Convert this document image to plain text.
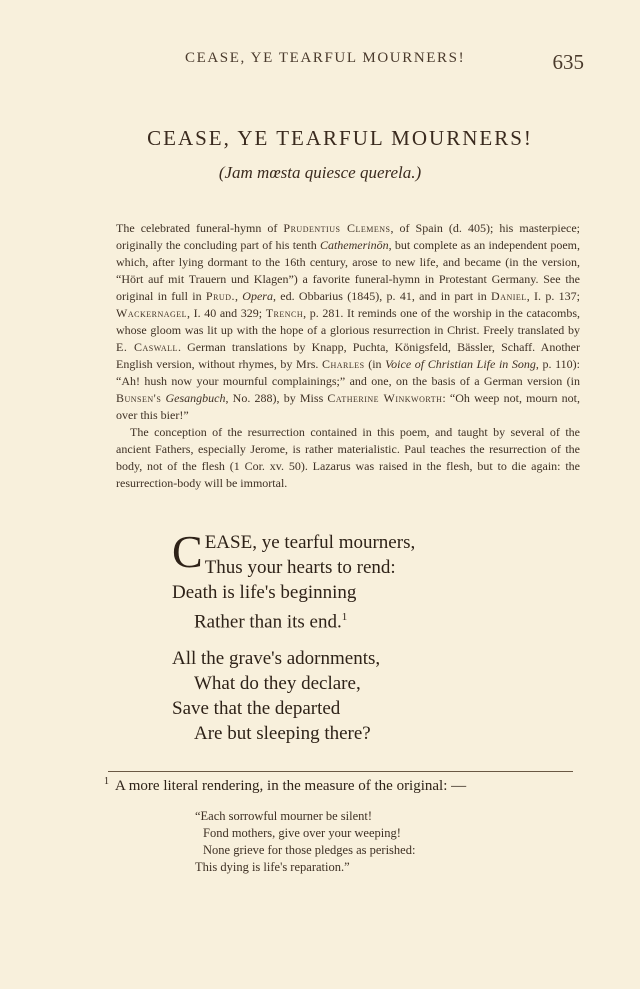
CEASE, YE TEARFUL MOURNERS!	635
CEASE, YE TEARFUL MOURNERS!
(Jam mœsta quiesce querela.)

The celebrated funeral-hymn of Prudentius Clemens, of Spain (d. 405); his masterpiece; originally the concluding part of his tenth Cathemerinōn, but complete as an independent poem, which, after lying dormant to the 16th century, arose to new life, and became (in the version, “Hört auf mit Trauern und Klagen”) a favorite funeral-hymn in Protestant Germany. See the original in full in Prud., Opera, ed. Obbarius (1845), p. 41, and in part in Daniel, I. p. 137; Wackernagel, I. 40 and 329; Trench, p. 281. It reminds one of the worship in the catacombs, whose gloom was lit up with the hope of a glorious resurrection in Christ. Freely translated by E. Caswall. German translations by Knapp, Puchta, Königsfeld, Bässler, Schaff. Another English version, without rhymes, by Mrs. Charles (in Voice of Christian Life in Song, p. 110): “Ah! hush now your mournful complainings;” and one, on the basis of a German version (in Bunsen's Gesangbuch, No. 288), by Miss Catherine Winkworth: “Oh weep not, mourn not, over this bier!”

The conception of the resurrection contained in this poem, and taught by several of the ancient Fathers, especially Jerome, is rather materialistic. Paul teaches the resurrection of the body, not of the flesh (1 Cor. xv. 50). Lazarus was raised in the flesh, but to die again: the resurrection-body will be immortal.

CEASE, ye tearful mourners,
Thus your hearts to rend:
Death is life's beginning
Rather than its end.$^1$
All the grave's adornments,
What do they declare,
Save that the departed
Are but sleeping there?
$^1$ A more literal rendering, in the measure of the original: —
“Each sorrowful mourner be silent!
Fond mothers, give over your weeping!
None grieve for those pledges as perished:
This dying is life's reparation.”
